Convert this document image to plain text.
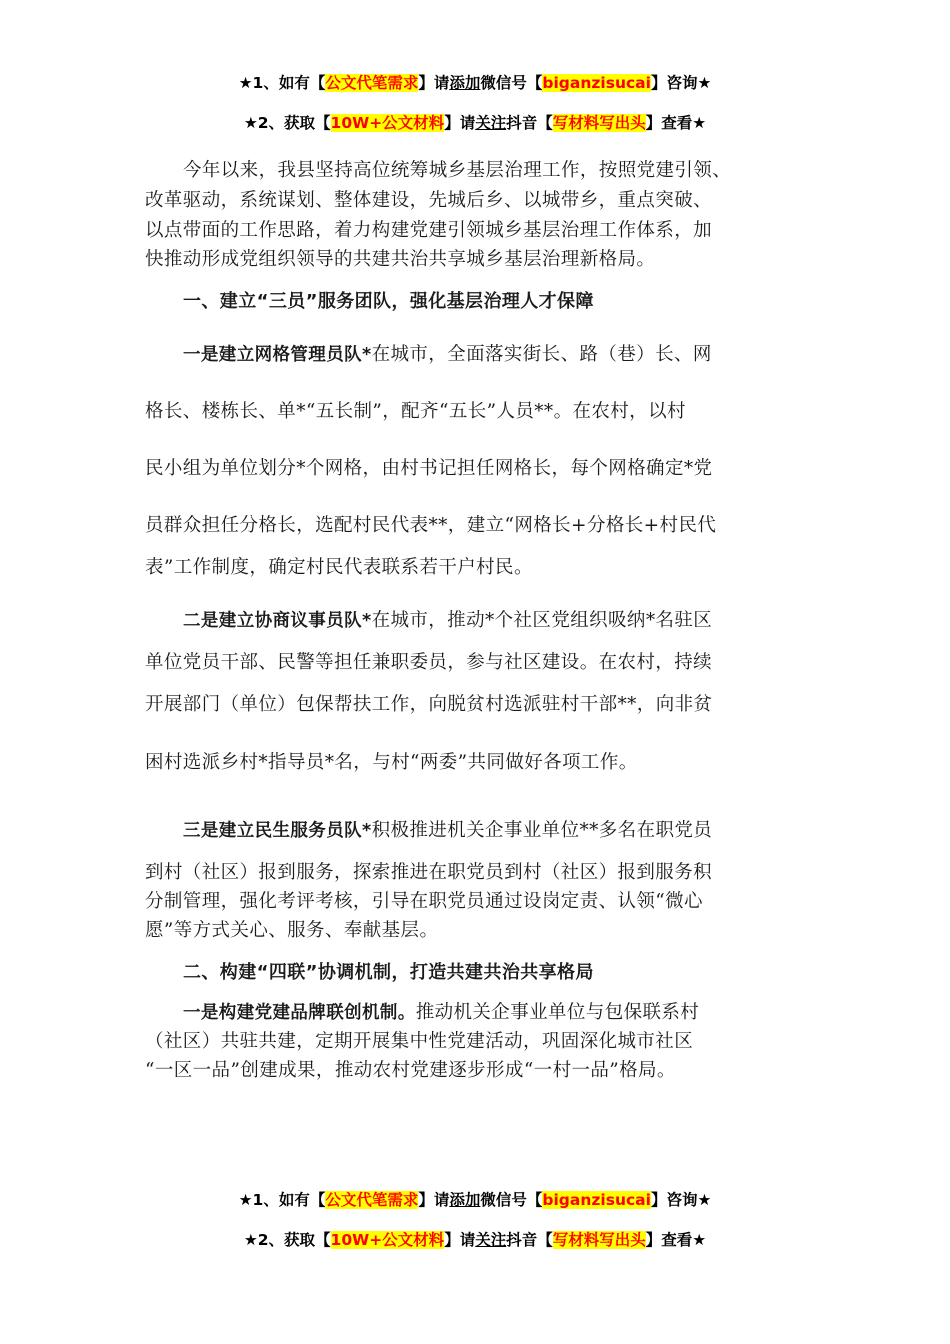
★1、如有【公文代笔需求】请添加微信号【biganzisucai】咨询★
★2、获取【10W+公文材料】请关注抖音【写材料写出头】查看★
今年以来，我县坚持高位统筹城乡基层治理工作，按照党建引领、
改革驱动，系统谋划、整体建设，先城后乡、以城带乡，重点突破、
以点带面的工作思路，着力构建党建引领城乡基层治理工作体系，加
快推动形成党组织领导的共建共治共享城乡基层治理新格局。
一、建立“三员”服务团队，强化基层治理人才保障
一是建立网格管理员队*在城市，全面落实街长、路（巷）长、网
格长、楼栋长、单*“五长制”，配齐“五长”人员**。在农村，以村
民小组为单位划分*个网格，由村书记担任网格长，每个网格确定*党
员群众担任分格长，选配村民代表**，建立“网格长+分格长+村民代
表”工作制度，确定村民代表联系若干户村民。
二是建立协商议事员队*在城市，推动*个社区党组织吸纳*名驻区
单位党员干部、民警等担任兼职委员，参与社区建设。在农村，持续
开展部门（单位）包保帮扶工作，向脱贫村选派驻村干部**，向非贫
困村选派乡村*指导员*名，与村“两委”共同做好各项工作。
三是建立民生服务员队*积极推进机关企事业单位**多名在职党员
到村（社区）报到服务，探索推进在职党员到村（社区）报到服务积
分制管理，强化考评考核，引导在职党员通过设岗定责、认领“微心
愿”等方式关心、服务、奉献基层。
二、构建“四联”协调机制，打造共建共治共享格局
一是构建党建品牌联创机制。推动机关企事业单位与包保联系村
（社区）共驻共建，定期开展集中性党建活动，巩固深化城市社区
“一区一品”创建成果，推动农村党建逐步形成“一村一品”格局。
★1、如有【公文代笔需求】请添加微信号【biganzisucai】咨询★
★2、获取【10W+公文材料】请关注抖音【写材料写出头】查看★
